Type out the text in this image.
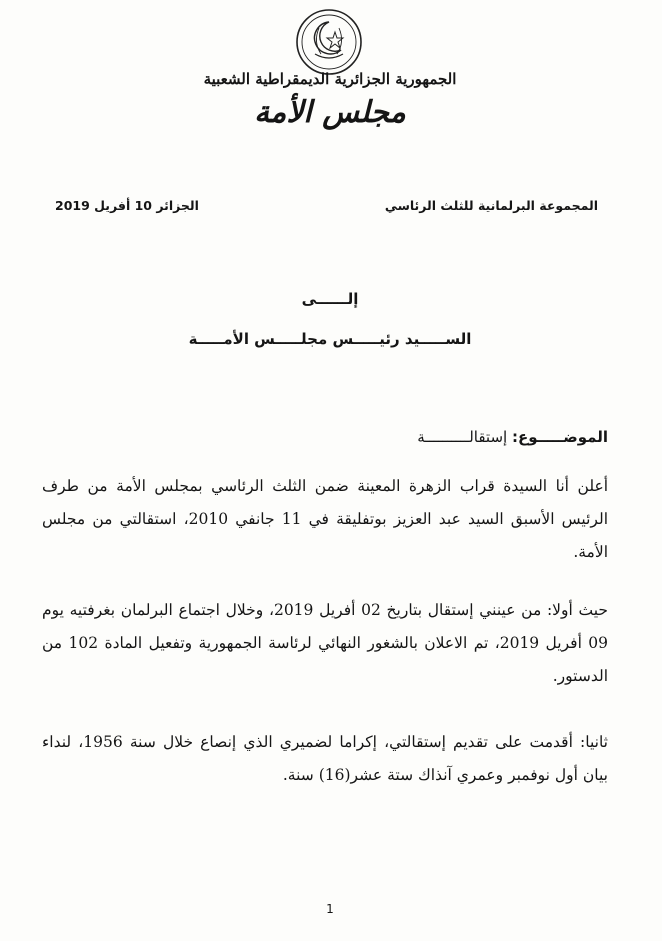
الجمهورية الجزائرية الديمقراطية الشعبية
مجلس الأمة
المجموعة البرلمانية للثلث الرئاسي
الجزائر 10 أفريل 2019
إلــــــى
الســـــيد رئيـــــس مجلـــــس الأمـــــة
الموضـــــوع: إستقالــــــــــة
أعلن أنا السيدة قراب الزهرة المعينة ضمن الثلث الرئاسي بمجلس الأمة من طرف الرئيس الأسبق السيد عبد العزيز بوتفليقة في 11 جانفي 2010، استقالتي من مجلس الأمة.
حيث أولا: من عينني إستقال بتاريخ 02 أفريل 2019، وخلال اجتماع البرلمان بغرفتيه يوم 09 أفريل 2019، تم الاعلان بالشغور النهائي لرئاسة الجمهورية وتفعيل المادة 102 من الدستور.
ثانيا: أقدمت على تقديم إستقالتي، إكراما لضميري الذي إنصاع خلال سنة 1956، لنداء بيان أول نوفمبر وعمري آنذاك ستة عشر(16) سنة.
1
